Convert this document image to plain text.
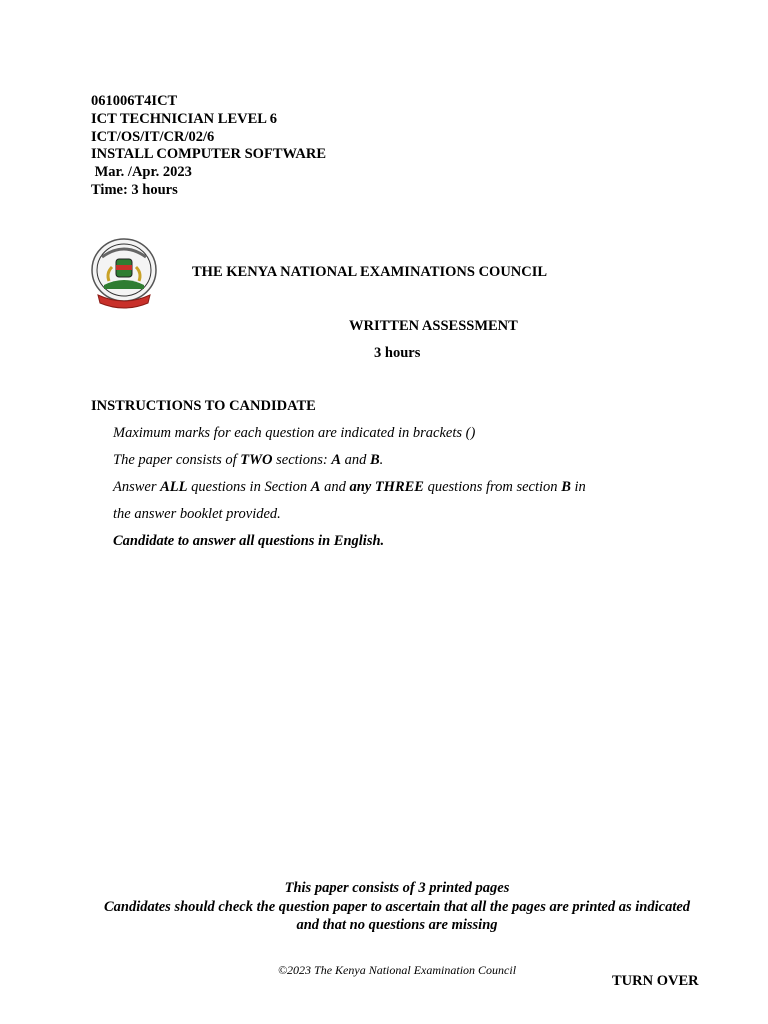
061006T4ICT
ICT TECHNICIAN LEVEL 6
ICT/OS/IT/CR/02/6
INSTALL COMPUTER SOFTWARE
Mar. /Apr. 2023
Time: 3 hours
THE KENYA NATIONAL EXAMINATIONS COUNCIL
WRITTEN ASSESSMENT
3 hours
INSTRUCTIONS TO CANDIDATE
Maximum marks for each question are indicated in brackets ()
The paper consists of TWO sections: A and B.
Answer ALL questions in Section A and any THREE questions from section B in
the answer booklet provided.
Candidate to answer all questions in English.
This paper consists of 3 printed pages
Candidates should check the question paper to ascertain that all the pages are printed as indicated
and that no questions are missing
©2023 The Kenya National Examination Council
TURN OVER
